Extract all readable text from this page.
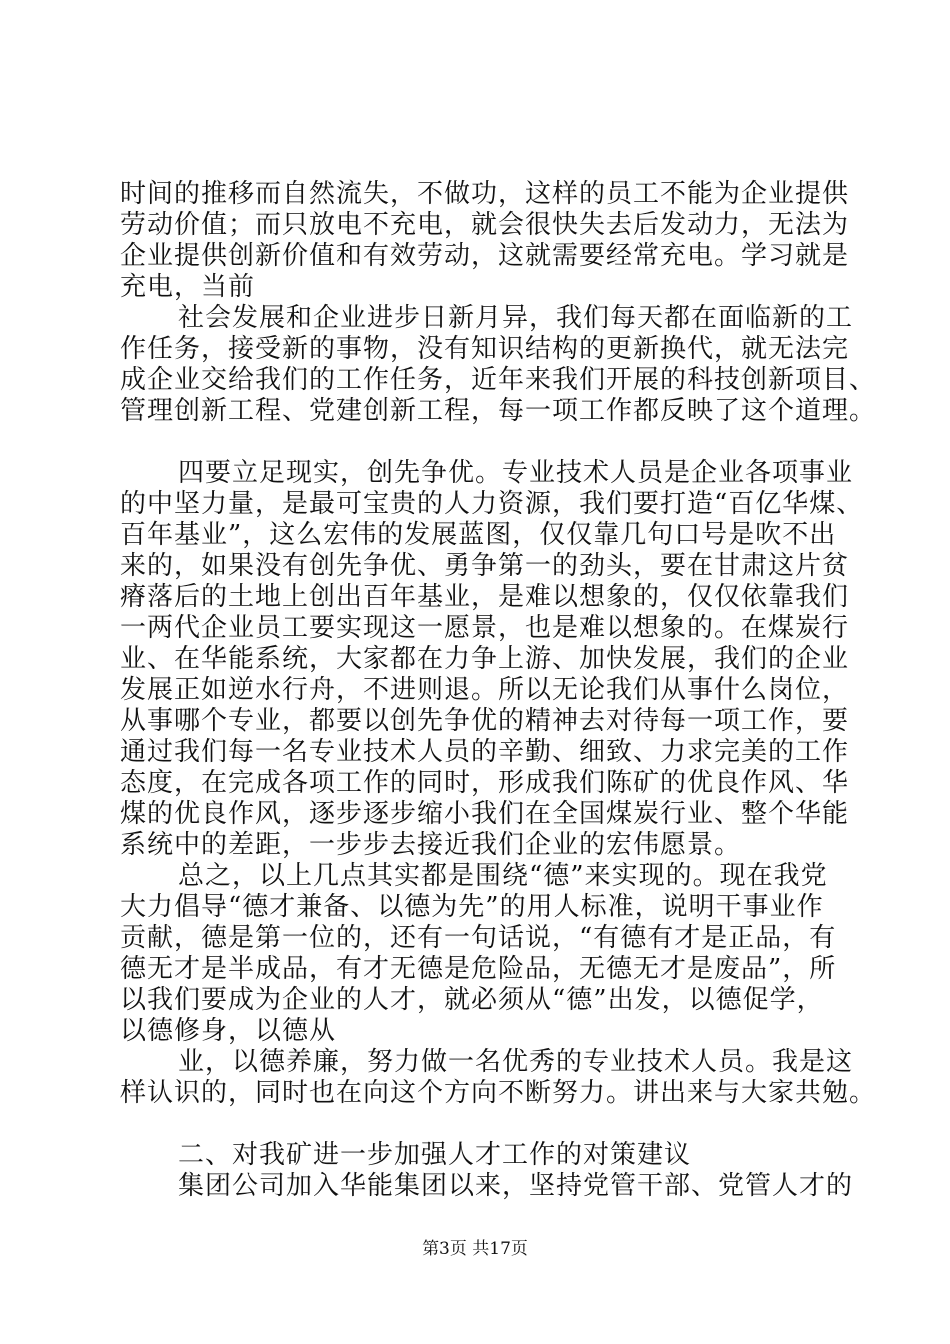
时间的推移而自然流失，不做功，这样的员工不能为企业提供
劳动价值；而只放电不充电，就会很快失去后发动力，无法为
企业提供创新价值和有效劳动，这就需要经常充电。学习就是
充电，当前
社会发展和企业进步日新月异，我们每天都在面临新的工
作任务，接受新的事物，没有知识结构的更新换代，就无法完
成企业交给我们的工作任务，近年来我们开展的科技创新项目、
管理创新工程、党建创新工程，每一项工作都反映了这个道理。
四要立足现实，创先争优。专业技术人员是企业各项事业
的中坚力量，是最可宝贵的人力资源，我们要打造“百亿华煤、
百年基业”，这么宏伟的发展蓝图，仅仅靠几句口号是吹不出
来的，如果没有创先争优、勇争第一的劲头，要在甘肃这片贫
瘠落后的土地上创出百年基业，是难以想象的，仅仅依靠我们
一两代企业员工要实现这一愿景，也是难以想象的。在煤炭行
业、在华能系统，大家都在力争上游、加快发展，我们的企业
发展正如逆水行舟，不进则退。所以无论我们从事什么岗位，
从事哪个专业，都要以创先争优的精神去对待每一项工作，要
通过我们每一名专业技术人员的辛勤、细致、力求完美的工作
态度，在完成各项工作的同时，形成我们陈矿的优良作风、华
煤的优良作风，逐步逐步缩小我们在全国煤炭行业、整个华能
系统中的差距，一步步去接近我们企业的宏伟愿景。
总之，以上几点其实都是围绕“德”来实现的。现在我党
大力倡导“德才兼备、以德为先”的用人标准，说明干事业作
贡献，德是第一位的，还有一句话说，“有德有才是正品，有
德无才是半成品，有才无德是危险品，无德无才是废品”，所
以我们要成为企业的人才，就必须从“德”出发，以德促学，
以德修身，以德从
业，以德养廉，努力做一名优秀的专业技术人员。我是这
样认识的，同时也在向这个方向不断努力。讲出来与大家共勉。
二、对我矿进一步加强人才工作的对策建议
集团公司加入华能集团以来，坚持党管干部、党管人才的
第3页 共17页
